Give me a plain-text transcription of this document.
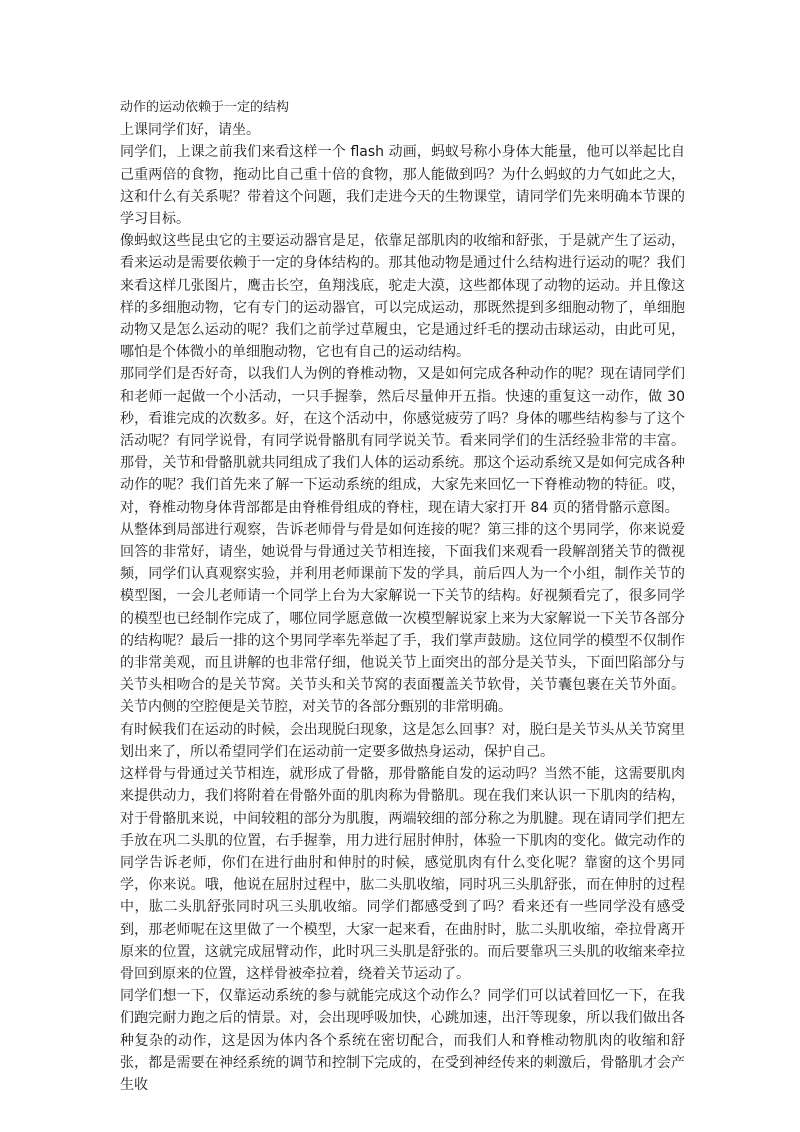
动作的运动依赖于一定的结构

上课同学们好，请坐。

同学们，上课之前我们来看这样一个 flash 动画，蚂蚁号称小身体大能量，他可以举起比自己重两倍的食物，拖动比自己重十倍的食物，那人能做到吗？为什么蚂蚁的力气如此之大，这和什么有关系呢？带着这个问题，我们走进今天的生物课堂，请同学们先来明确本节课的学习目标。

像蚂蚁这些昆虫它的主要运动器官是足，依靠足部肌肉的收缩和舒张，于是就产生了运动，看来运动是需要依赖于一定的身体结构的。那其他动物是通过什么结构进行运动的呢？我们来看这样几张图片，鹰击长空，鱼翔浅底，驼走大漠，这些都体现了动物的运动。并且像这样的多细胞动物，它有专门的运动器官，可以完成运动，那既然提到多细胞动物了，单细胞动物又是怎么运动的呢？我们之前学过草履虫，它是通过纤毛的摆动击球运动，由此可见，哪怕是个体微小的单细胞动物，它也有自己的运动结构。

那同学们是否好奇，以我们人为例的脊椎动物，又是如何完成各种动作的呢？现在请同学们和老师一起做一个小活动，一只手握拳，然后尽量伸开五指。快速的重复这一动作，做 30 秒，看谁完成的次数多。好，在这个活动中，你感觉疲劳了吗？身体的哪些结构参与了这个活动呢？有同学说骨，有同学说骨骼肌有同学说关节。看来同学们的生活经验非常的丰富。那骨，关节和骨骼肌就共同组成了我们人体的运动系统。那这个运动系统又是如何完成各种动作的呢？我们首先来了解一下运动系统的组成，大家先来回忆一下脊椎动物的特征。哎，对，脊椎动物身体背部都是由脊椎骨组成的脊柱，现在请大家打开 84 页的猪骨骼示意图。

从整体到局部进行观察，告诉老师骨与骨是如何连接的呢？第三排的这个男同学，你来说爱回答的非常好，请坐，她说骨与骨通过关节相连接，下面我们来观看一段解剖猪关节的微视频，同学们认真观察实验，并利用老师课前下发的学具，前后四人为一个小组，制作关节的模型图，一会儿老师请一个同学上台为大家解说一下关节的结构。好视频看完了，很多同学的模型也已经制作完成了，哪位同学愿意做一次模型解说家上来为大家解说一下关节各部分的结构呢？最后一排的这个男同学率先举起了手，我们掌声鼓励。这位同学的模型不仅制作的非常美观，而且讲解的也非常仔细，他说关节上面突出的部分是关节头，下面凹陷部分与关节头相吻合的是关节窝。关节头和关节窝的表面覆盖关节软骨，关节囊包裹在关节外面。关节内侧的空腔便是关节腔，对关节的各部分甄别的非常明确。

有时候我们在运动的时候，会出现脱臼现象，这是怎么回事？对，脱臼是关节头从关节窝里划出来了，所以希望同学们在运动前一定要多做热身运动，保护自己。

这样骨与骨通过关节相连，就形成了骨骼，那骨骼能自发的运动吗？当然不能，这需要肌肉来提供动力，我们将附着在骨骼外面的肌肉称为骨骼肌。现在我们来认识一下肌肉的结构，对于骨骼肌来说，中间较粗的部分为肌腹，两端较细的部分称之为肌腱。现在请同学们把左手放在巩二头肌的位置，右手握拳，用力进行屈肘伸肘，体验一下肌肉的变化。做完动作的同学告诉老师，你们在进行曲肘和伸肘的时候，感觉肌肉有什么变化呢？靠窗的这个男同学，你来说。哦，他说在屈肘过程中，肱二头肌收缩，同时巩三头肌舒张，而在伸肘的过程中，肱二头肌舒张同时巩三头肌收缩。同学们都感受到了吗？看来还有一些同学没有感受到，那老师呢在这里做了一个模型，大家一起来看，在曲肘时，肱二头肌收缩，牵拉骨离开原来的位置，这就完成屈臂动作，此时巩三头肌是舒张的。而后要靠巩三头肌的收缩来牵拉骨回到原来的位置，这样骨被牵拉着，绕着关节运动了。

同学们想一下，仅靠运动系统的参与就能完成这个动作么？同学们可以试着回忆一下，在我们跑完耐力跑之后的情景。对，会出现呼吸加快，心跳加速，出汗等现象，所以我们做出各种复杂的动作，这是因为体内各个系统在密切配合，而我们人和脊椎动物肌肉的收缩和舒张，都是需要在神经系统的调节和控制下完成的，在受到神经传来的刺激后，骨骼肌才会产生收
